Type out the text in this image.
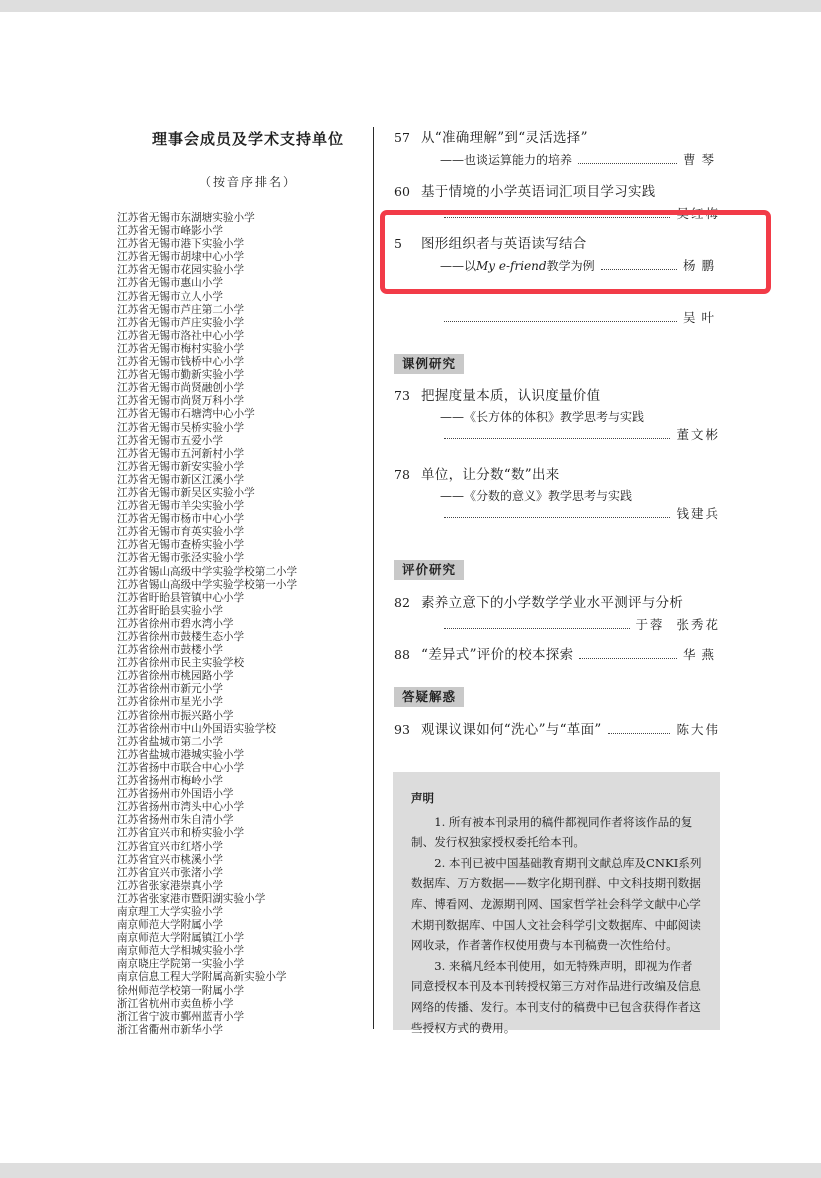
理事会成员及学术支持单位
（按音序排名）
江苏省无锡市东湖塘实验小学
江苏省无锡市峰影小学
江苏省无锡市港下实验小学
江苏省无锡市胡埭中心小学
江苏省无锡市花园实验小学
江苏省无锡市惠山小学
江苏省无锡市立人小学
江苏省无锡市芦庄第二小学
江苏省无锡市芦庄实验小学
江苏省无锡市洛社中心小学
江苏省无锡市梅村实验小学
江苏省无锡市钱桥中心小学
江苏省无锡市勤新实验小学
江苏省无锡市尚贤融创小学
江苏省无锡市尚贤万科小学
江苏省无锡市石塘湾中心小学
江苏省无锡市吴桥实验小学
江苏省无锡市五爱小学
江苏省无锡市五河新村小学
江苏省无锡市新安实验小学
江苏省无锡市新区江溪小学
江苏省无锡市新吴区实验小学
江苏省无锡市羊尖实验小学
江苏省无锡市杨市中心小学
江苏省无锡市育英实验小学
江苏省无锡市查桥实验小学
江苏省无锡市张泾实验小学
江苏省锡山高级中学实验学校第二小学
江苏省锡山高级中学实验学校第一小学
江苏省盱眙县管镇中心小学
江苏省盱眙县实验小学
江苏省徐州市碧水湾小学
江苏省徐州市鼓楼生态小学
江苏省徐州市鼓楼小学
江苏省徐州市民主实验学校
江苏省徐州市桃园路小学
江苏省徐州市新元小学
江苏省徐州市星光小学
江苏省徐州市振兴路小学
江苏省徐州市中山外国语实验学校
江苏省盐城市第二小学
江苏省盐城市港城实验小学
江苏省扬中市联合中心小学
江苏省扬州市梅岭小学
江苏省扬州市外国语小学
江苏省扬州市湾头中心小学
江苏省扬州市朱自清小学
江苏省宜兴市和桥实验小学
江苏省宜兴市红塔小学
江苏省宜兴市桃溪小学
江苏省宜兴市张渚小学
江苏省张家港崇真小学
江苏省张家港市暨阳湖实验小学
南京理工大学实验小学
南京师范大学附属小学
南京师范大学附属镇江小学
南京师范大学相城实验小学
南京晓庄学院第一实验小学
南京信息工程大学附属高新实验小学
徐州师范学校第一附属小学
浙江省杭州市卖鱼桥小学
浙江省宁波市鄞州蓝青小学
浙江省衢州市新华小学
57 从“准确理解”到“灵活选择”
——也谈运算能力的培养	曹琴
60 基于情境的小学英语词汇项目学习实践
吴红梅
5	图形组织者与英语读写结合
——以 My e-friend 教学为例	杨鹏
吴叶
课例研究
73 把握度量本质，认识度量价值
——《长方体的体积》教学思考与实践
董文彬
78 单位，让分数“数”出来
——《分数的意义》教学思考与实践
钱建兵
评价研究
82 素养立意下的小学数学学业水平测评与分析
于蓉 张秀花
88 “差异式”评价的校本探索	华燕
答疑解惑
93 观课议课如何“洗心”与“革面”	陈大伟
声明

1. 所有被本刊录用的稿件都视同作者将该作品的复制、发行权独家授权委托给本刊。

2. 本刊已被中国基础教育期刊文献总库及CNKI系列数据库、万方数据——数字化期刊群、中文科技期刊数据库、博看网、龙源期刊网、国家哲学社会科学文献中心学术期刊数据库、中国人文社会科学引文数据库、中邮阅读网收录，作者著作权使用费与本刊稿费一次性给付。

3. 来稿凡经本刊使用，如无特殊声明，即视为作者同意授权本刊及本刊转授权第三方对作品进行改编及信息网络的传播、发行。本刊支付的稿费中已包含获得作者这些授权方式的费用。
